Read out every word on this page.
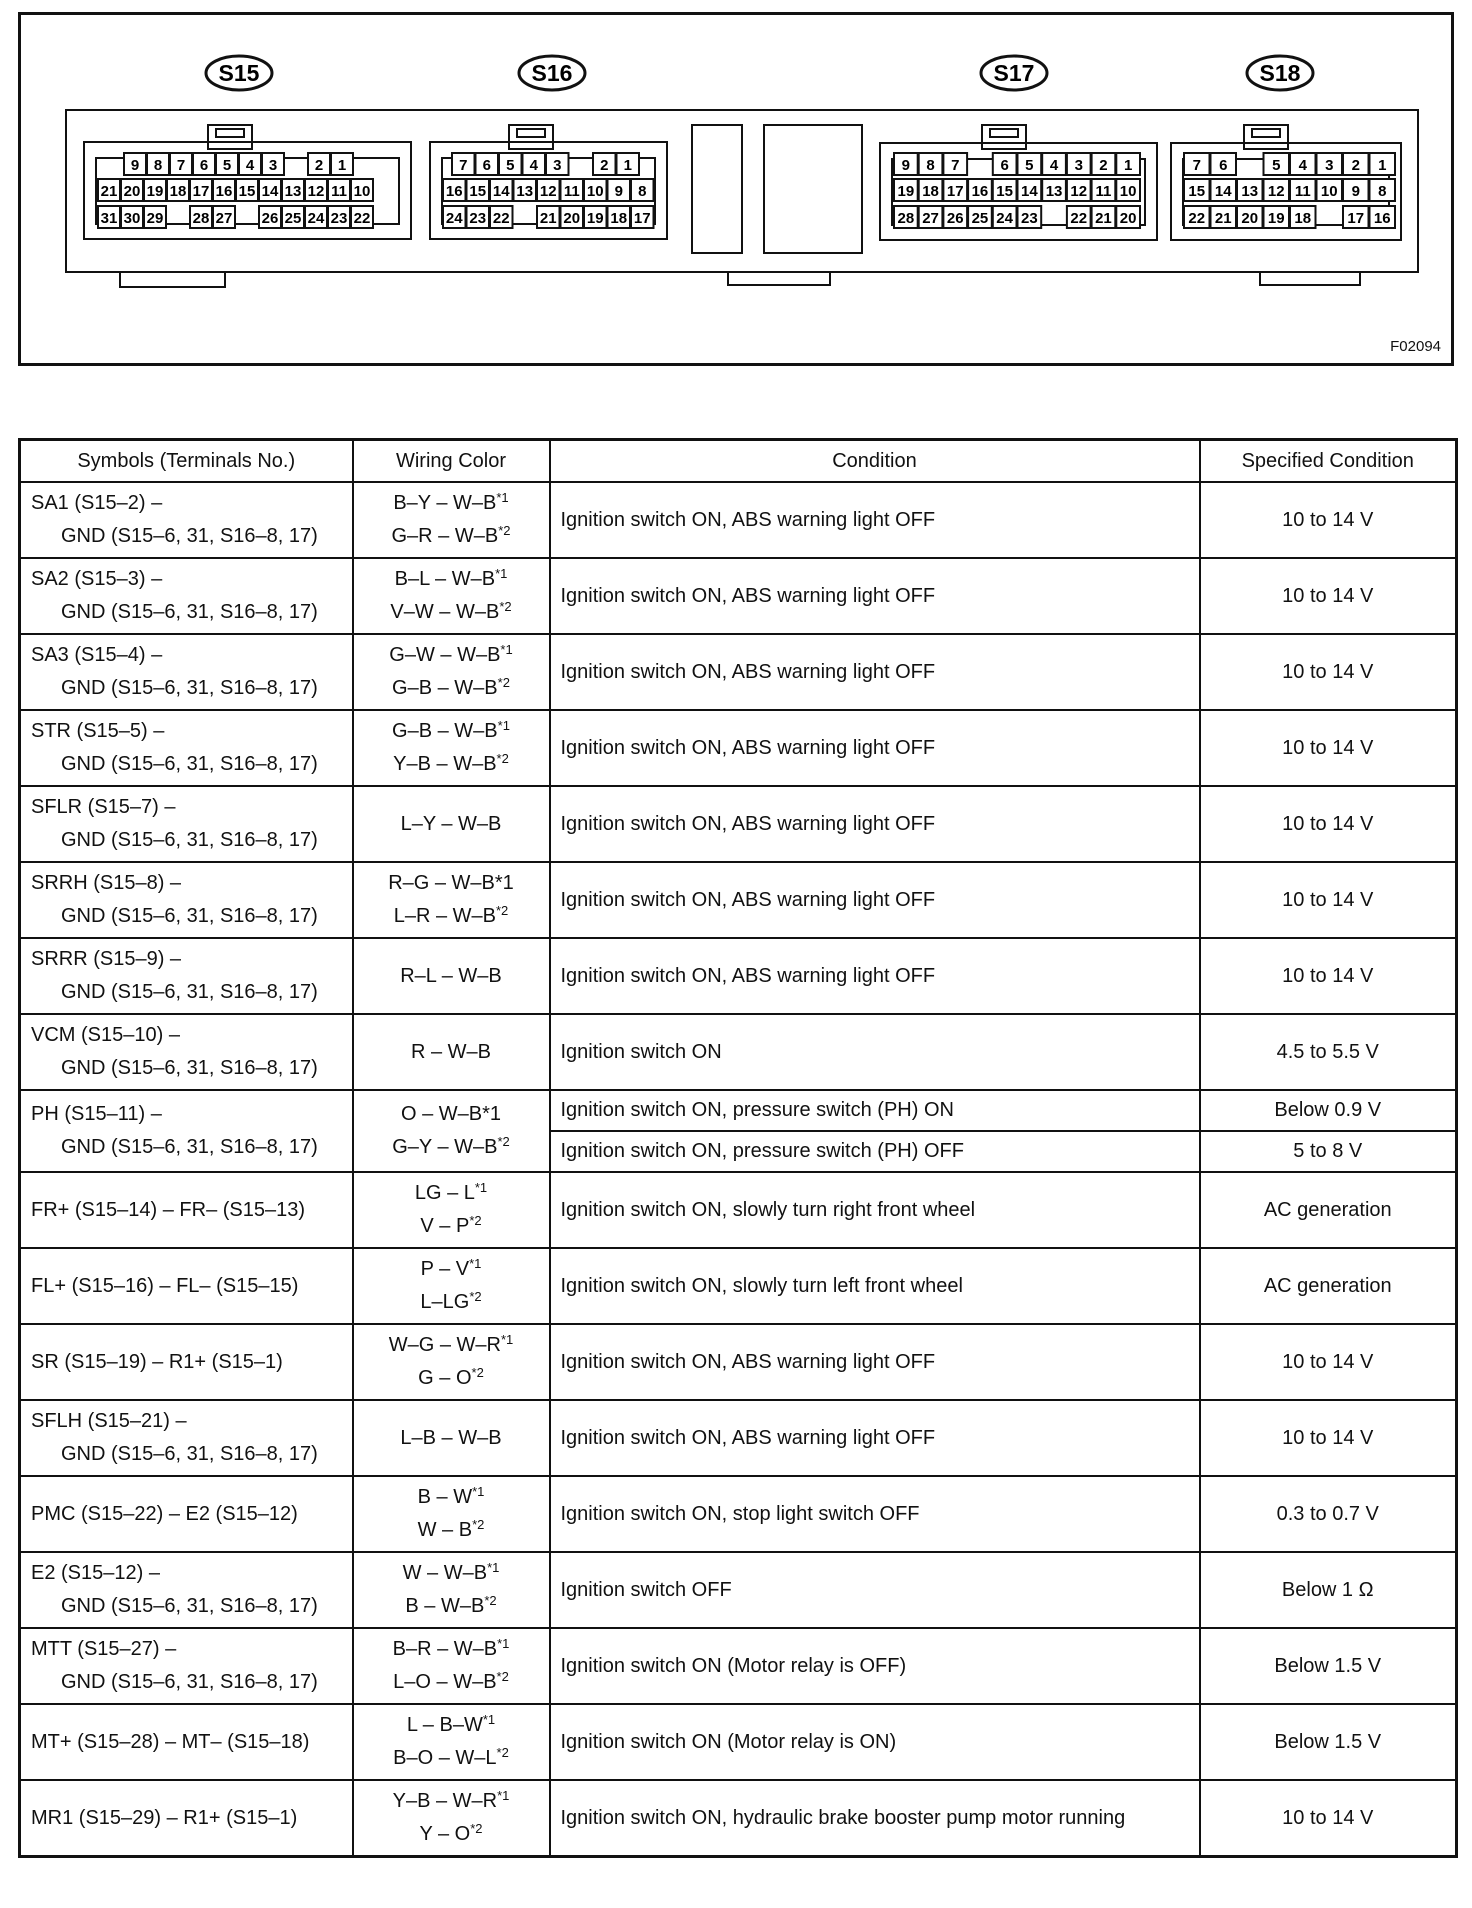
S15
9 8 7 6 5 4 3	2 1
21 20 19 18 17 16 15 14 13 12 11 10
31 30 29 28 27 26 25 24 23 22
S16
7 6 5 4 3	2 1
16 15 14 13 12 11 10 9 8
24 23 22 21 20 19 18 17
S17
9 8 7	6 5 4 3 2 1
19 18 17 16 15 14 13 12 11 10
28 27 26 25 24 23 22 21 20
S18
7 6	5 4 3 2 1
15 14 13 12 11 10 9 8
22 21 20 19 18 17 16
F02094
Symbols (Terminals No.)	Wiring Color	Condition	Specified Condition

SA1 (S15–2) –
GND (S15–6, 31, S16–8, 17)	$B-Y - W-B^{*1}$
$G-R - W-B^{*2}$	Ignition switch ON, ABS warning light OFF	10 to 14 V

SA2 (S15–3) –
GND (S15–6, 31, S16–8, 17)	$B-L - W-B^{*1}$
$V-W - W-B^{*2}$	Ignition switch ON, ABS warning light OFF	10 to 14 V

SA3 (S15–4) –
GND (S15–6, 31, S16–8, 17)	$G-W - W-B^{*1}$
$G-B - W-B^{*2}$	Ignition switch ON, ABS warning light OFF	10 to 14 V

STR (S15–5) –
GND (S15–6, 31, S16–8, 17)	$G-B - W-B^{*1}$
$Y-B - W-B^{*2}$	Ignition switch ON, ABS warning light OFF	10 to 14 V

SFLR (S15–7) –
GND (S15–6, 31, S16–8, 17)	L–Y – W–B	Ignition switch ON, ABS warning light OFF	10 to 14 V

SRRH (S15–8) –
GND (S15–6, 31, S16–8, 17)	R–G – W–B*1
$L-R - W-B^{*2}$	Ignition switch ON, ABS warning light OFF	10 to 14 V

SRRR (S15–9) –
GND (S15–6, 31, S16–8, 17)	R–L – W–B	Ignition switch ON, ABS warning light OFF	10 to 14 V

VCM (S15–10) –
GND (S15–6, 31, S16–8, 17)	R – W–B	Ignition switch ON	4.5 to 5.5 V

PH (S15–11) –
GND (S15–6, 31, S16–8, 17)	O – W–B*1
$G-Y - W-B^{*2}$	Ignition switch ON, pressure switch (PH) ON	Below 0.9 V
		Ignition switch ON, pressure switch (PH) OFF	5 to 8 V

FR+ (S15–14) – FR– (S15–13)	LG – $L^{*1}$
V – $P^{*2}$	Ignition switch ON, slowly turn right front wheel	AC generation

FL+ (S15–16) – FL– (S15–15)	P – $V^{*1}$
L–LG$^{*2}$	Ignition switch ON, slowly turn left front wheel	AC generation

SR (S15–19) – R1+ (S15–1)	$W-G - W-R^{*1}$
G – $O^{*2}$	Ignition switch ON, ABS warning light OFF	10 to 14 V

SFLH (S15–21) –
GND (S15–6, 31, S16–8, 17)	L–B – W–B	Ignition switch ON, ABS warning light OFF	10 to 14 V

PMC (S15–22) – E2 (S15–12)	B – $W^{*1}$
W – $B^{*2}$	Ignition switch ON, stop light switch OFF	0.3 to 0.7 V

E2 (S15–12) –
GND (S15–6, 31, S16–8, 17)	W – $W-B^{*1}$
B – $W-B^{*2}$	Ignition switch OFF	Below 1 Ω

MTT (S15–27) –
GND (S15–6, 31, S16–8, 17)	$B-R - W-B^{*1}$
$L-O - W-B^{*2}$	Ignition switch ON (Motor relay is OFF)	Below 1.5 V

MT+ (S15–28) – MT– (S15–18)	L – $B-W^{*1}$
$B-O - W-L^{*2}$	Ignition switch ON (Motor relay is ON)	Below 1.5 V

MR1 (S15–29) – R1+ (S15–1)	$Y-B - W-R^{*1}$
Y – $O^{*2}$	Ignition switch ON, hydraulic brake booster pump motor running	10 to 14 V
